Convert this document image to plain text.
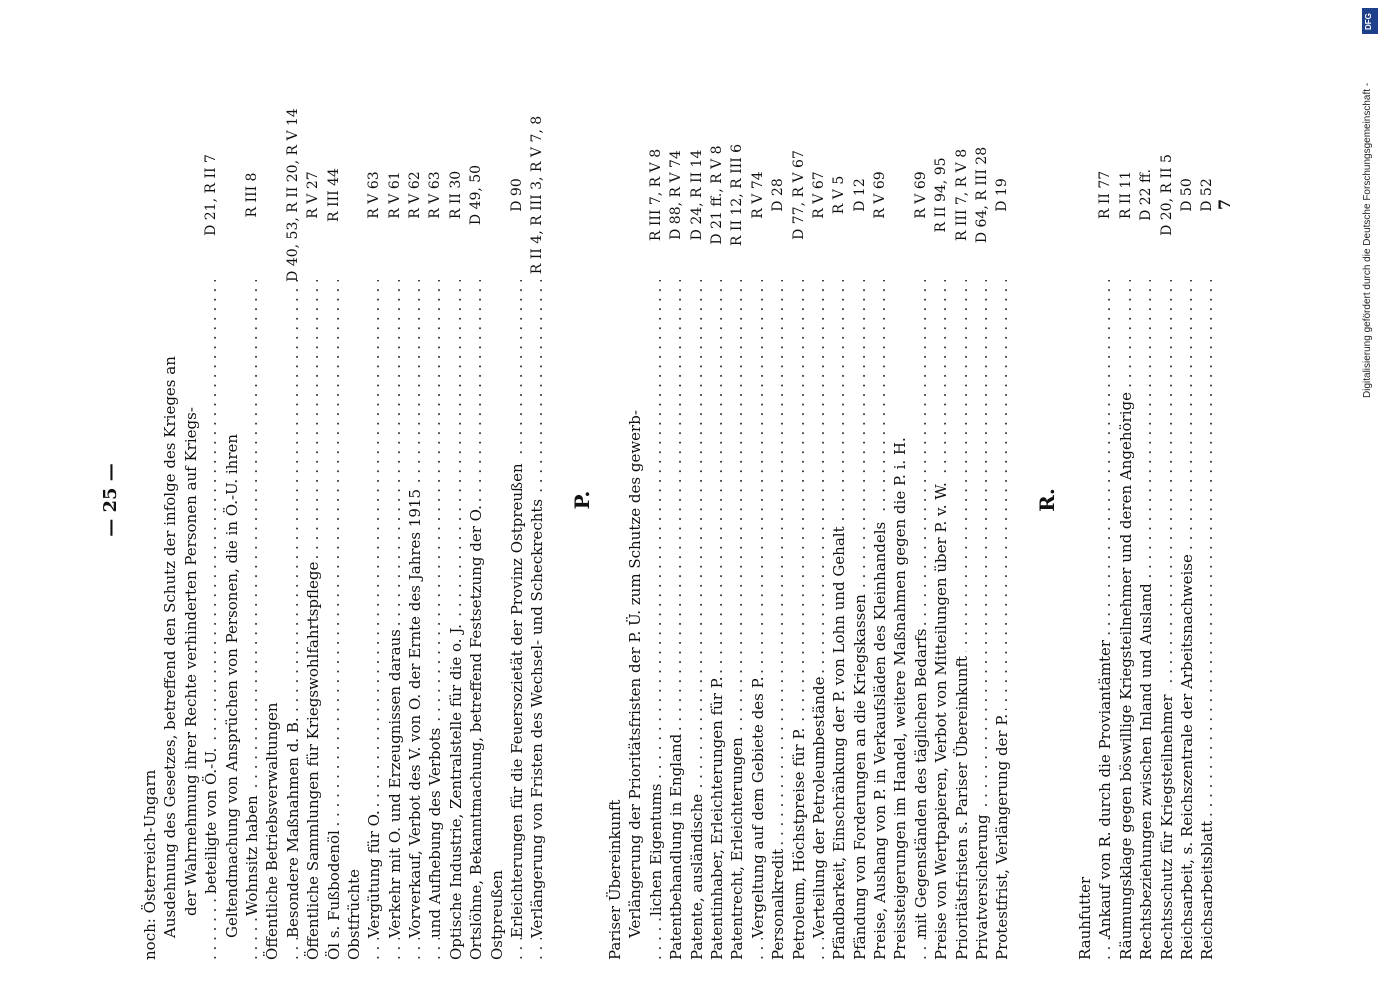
— 25 —
noch: Österreich-Ungarn Ausdehnung des Gesetzes, betreffend den Schutz der infolge des Krieges an der Wahrnehmung ihrer Rechte verhinderten Personen auf Kriegs- beteiligte von Ö.-U. . . . Geltendmachung von Ansprüchen von Personen, die in Ö.-U. ihren Wohnsitz haben . . . Öffentliche Betriebsverwaltungen Besondere Maßnahmen d. B. . . . Öffentliche Sammlungen für Kriegswohlfahrtspflege . . . Öl s. Fußbodenöl . . . Obstfrüchte Vergütung für O. . . . Verkehr mit O. und Erzeugnissen daraus . . . Vorverkauf, Verbot des V. von O. der Ernte des Jahres 1915 . . . und Aufhebung des Verbots . . . Optische Industrie, Zentralstelle für die o. J. . . . Ortslöhne, Bekanntmachung, betreffend Festsetzung der O. . . . Ostpreußen Erleichterungen für die Feuersozietät der Provinz Ostpreußen . . . Verlängerung von Fristen des Wechsel- und Scheckrechts . . .
D 21, R II 7 R III 8 D 40, 53, R II 20, R V 14 R V 27 R III 44 R V 63 R V 61 R V 62 R V 63 R II 30 D 49, 50 D 90 R II 4, R III 3, R V 7, 8
P.
Pariser Übereinkunft Verlängerung der Prioritätsfristen der P. Ü. zum Schutze des gewerb- lichen Eigentums . . . Patentbehandlung in England . . . Patente, ausländische . . . Patentinhaber, Erleichterungen für P. . . . Patentrecht, Erleichterungen . . . Vergeltung auf dem Gebiete des P. . . . Personalkredit . . . Petroleum, Höchstpreise für P. . . . Verteilung der Petroleumbestände . . . Pfändbarkeit, Einschränkung der P. von Lohn und Gehalt . . . Pfändung von Forderungen an die Kriegskassen . . . Preise, Aushang von P. in Verkaufsläden des Kleinhandels . . . Preissteigerungen im Handel, weitere Maßnahmen gegen die P. i. H. mit Gegenständen des täglichen Bedarfs . . . Preise von Wertpapieren, Verbot von Mitteilungen über P. v. W. . . . Prioritätsfristen s. Pariser Übereinkunft . . . Privatversicherung . . . Protestfrist, Verlängerung der P. . . .
R III 7, R V 8 D 88, R V 74 D 24, R II 14 D 21 ff., R V 8 R II 12, R III 6 R V 74 D 28 D 77, R V 67 R V 67 R V 5 D 12 R V 69 R V 69 R II 94, 95 R III 7, R V 8 D 64, R III 28 D 19
R.
Rauhfutter Ankauf von R. durch die Proviantämter . . . Räumungsklage gegen böswillige Kriegsteilnehmer und deren Angehörige . . . Rechtsbeziehungen zwischen Inland und Ausland . . . Rechtsschutz für Kriegsteilnehmer . . . Reichsarbeit, s. Reichszentrale der Arbeitsnachweise . . . Reichsarbeitsblatt . . .
R II 77 R II 11 D 22 ff. D 20, R II 5 D 50 D 52 7	Digitalisierung gefördert durch die Deutsche Forschungsgemeinschaft -
DFG
